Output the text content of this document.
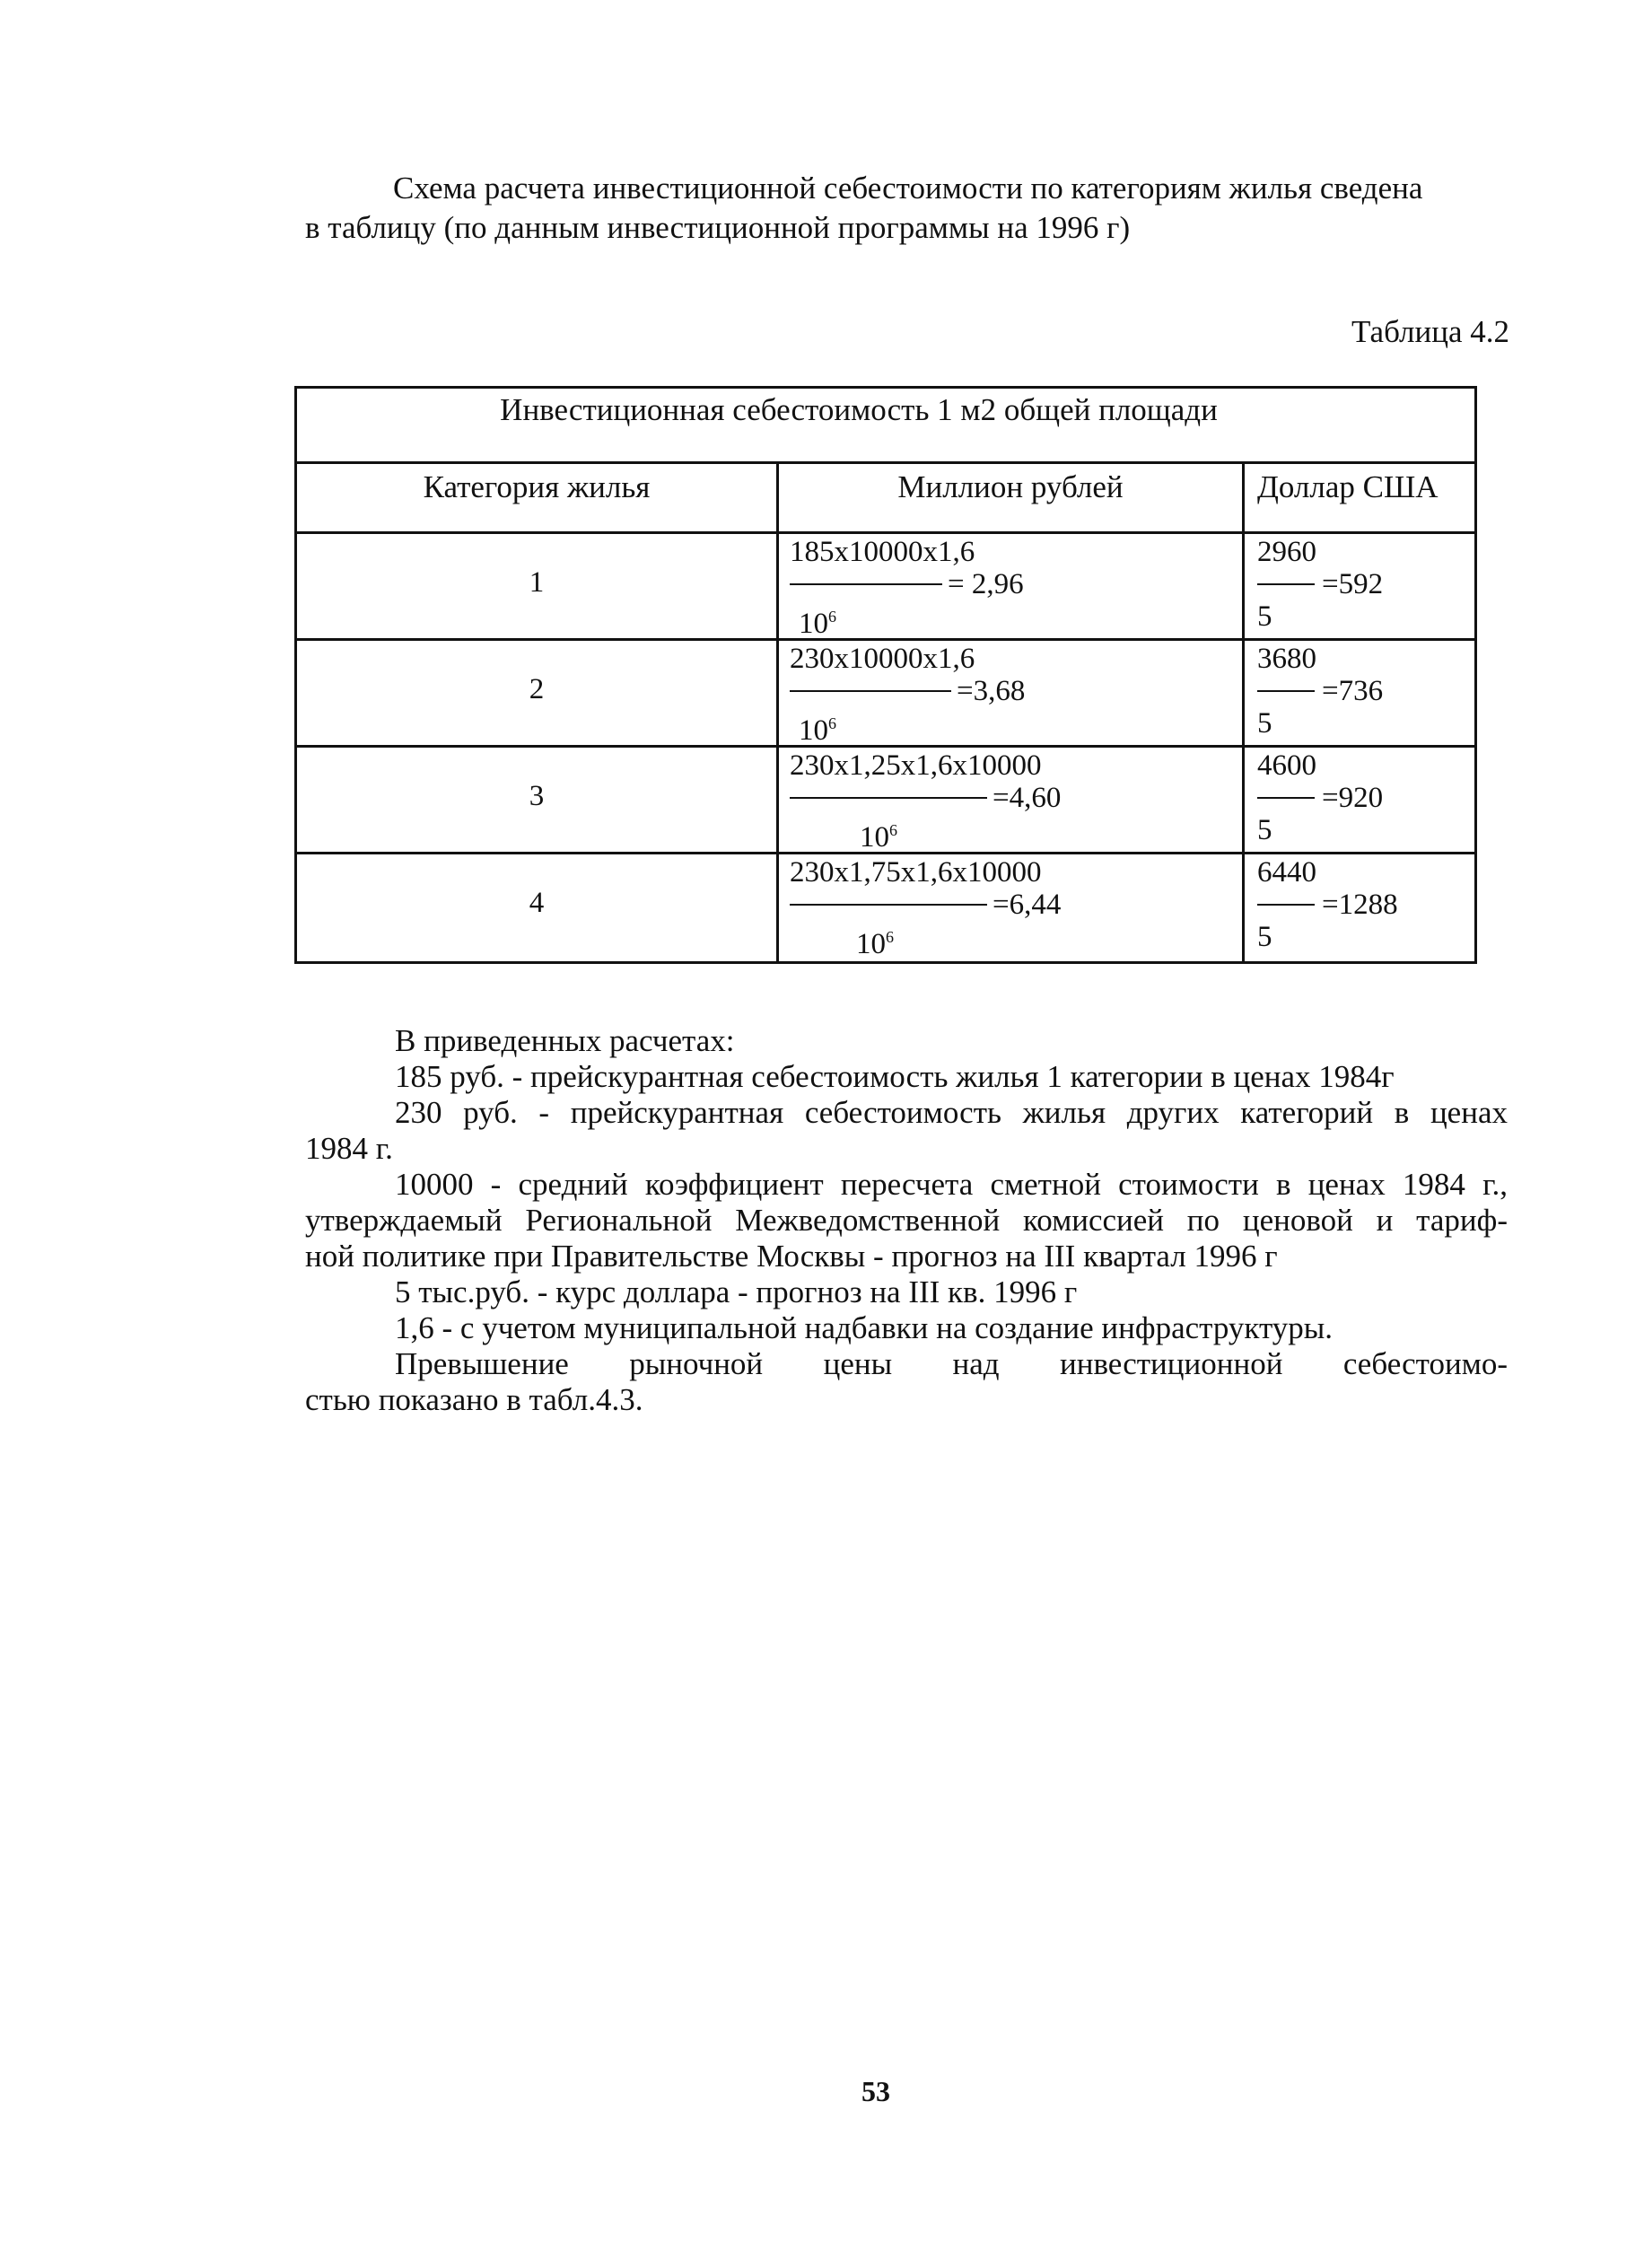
Схема расчета инвестиционной себестоимости по категориям жилья сведена

в таблицу (по данным инвестиционной программы на 1996 г)

Таблица 4.2
Инвестиционная себестоимость 1 м2 общей площади
Категория жилья	Миллион рублей	Доллар США
1
185х10000х1,6
= 2,96
$10^6$
2960
=592
5
2
230х10000х1,6
=3,68
$10^6$
3680
=736
5
3
230х1,25х1,6х10000
=4,60
$10^6$
4600
=920
5
4
230х1,75х1,6х10000
=6,44
$10^6$
6440
=1288
5

В приведенных расчетах:

185 руб. - прейскурантная себестоимость жилья 1 категории в ценах 1984г

230 руб. - прейскурантная себестоимость жилья других категорий в ценах

1984 г.

10000 - средний коэффициент пересчета сметной стоимости в ценах 1984 г.,

утверждаемый Региональной Межведомственной комиссией по ценовой и тариф-

ной политике при Правительстве Москвы - прогноз на III квартал 1996 г

5 тыс.руб. - курс доллара - прогноз на III кв. 1996 г

1,6 - с учетом муниципальной надбавки на создание инфраструктуры.

Превышение рыночной цены над инвестиционной себестоимо-

стью показано в табл.4.3.

53
